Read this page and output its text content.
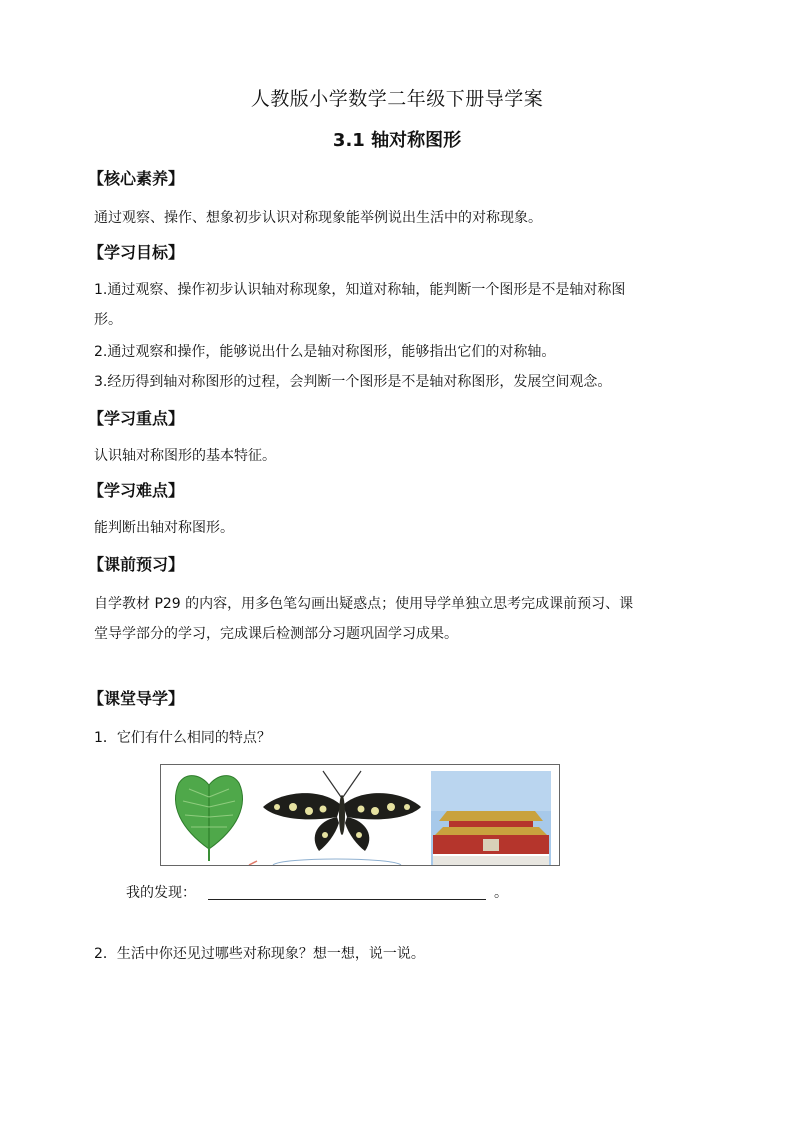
人教版小学数学二年级下册导学案
3.1 轴对称图形
【核心素养】
通过观察、操作、想象初步认识对称现象能举例说出生活中的对称现象。
【学习目标】
1.通过观察、操作初步认识轴对称现象，知道对称轴，能判断一个图形是不是轴对称图
形。
2.通过观察和操作，能够说出什么是轴对称图形，能够指出它们的对称轴。
3.经历得到轴对称图形的过程，会判断一个图形是不是轴对称图形，发展空间观念。
【学习重点】
认识轴对称图形的基本特征。
【学习难点】
能判断出轴对称图形。
【课前预习】
自学教材 P29 的内容，用多色笔勾画出疑惑点；使用导学单独立思考完成课前预习、课
堂导学部分的学习，完成课后检测部分习题巩固学习成果。
【课堂导学】
1．它们有什么相同的特点？
我的发现：	。
2．生活中你还见过哪些对称现象？想一想，说一说。
